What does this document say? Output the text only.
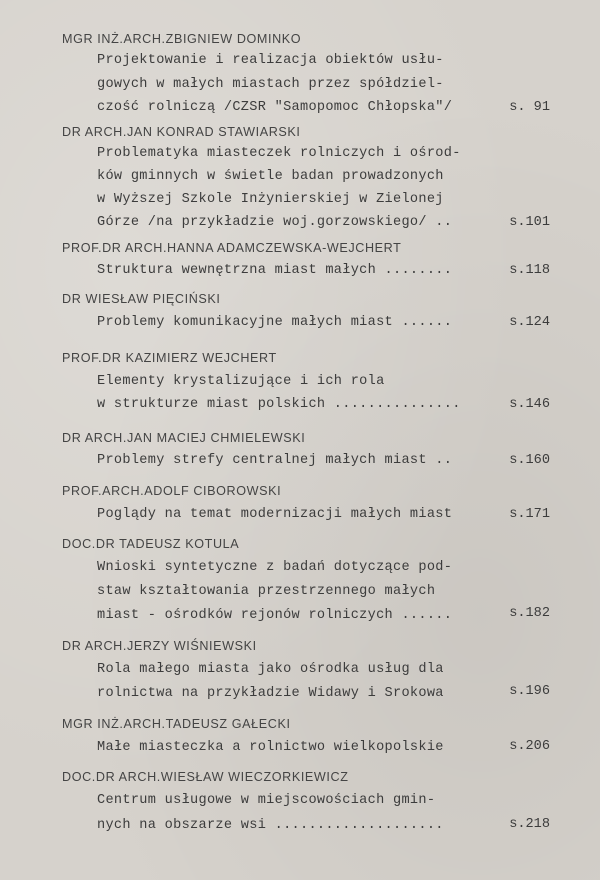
MGR INŻ.ARCH.ZBIGNIEW DOMINKO
Projektowanie i realizacja obiektów usłu-
gowych w małych miastach przez spółdziel-
czość rolniczą /CZSR "Samopomoc Chłopska"/	s. 91
DR ARCH.JAN KONRAD STAWIARSKI
Problematyka miasteczek rolniczych i ośrod-
ków gminnych w świetle badan prowadzonych
w Wyższej Szkole Inżynierskiej w Zielonej
Górze /na przykładzie woj.gorzowskiego/ ..	s.101
PROF.DR ARCH.HANNA ADAMCZEWSKA-WEJCHERT
Struktura wewnętrzna miast małych ........	s.118
DR WIESŁAW PIĘCIŃSKI
Problemy komunikacyjne małych miast ......	s.124
PROF.DR KAZIMIERZ WEJCHERT
Elementy krystalizujące i ich rola
w strukturze miast polskich ...............	s.146
DR ARCH.JAN MACIEJ CHMIELEWSKI
Problemy strefy centralnej małych miast ..	s.160
PROF.ARCH.ADOLF CIBOROWSKI
Poglądy na temat modernizacji małych miast	s.171
DOC.DR TADEUSZ KOTULA
Wnioski syntetyczne z badań dotyczące pod-
staw kształtowania przestrzennego małych
miast - ośrodków rejonów rolniczych ......	s.182
DR ARCH.JERZY WIŚNIEWSKI
Rola małego miasta jako ośrodka usług dla
rolnictwa na przykładzie Widawy i Srokowa	s.196
MGR INŻ.ARCH.TADEUSZ GAŁECKI
Małe miasteczka a rolnictwo wielkopolskie	s.206
DOC.DR ARCH.WIESŁAW WIECZORKIEWICZ
Centrum usługowe w miejscowościach gmin-
nych na obszarze wsi ....................	s.218
